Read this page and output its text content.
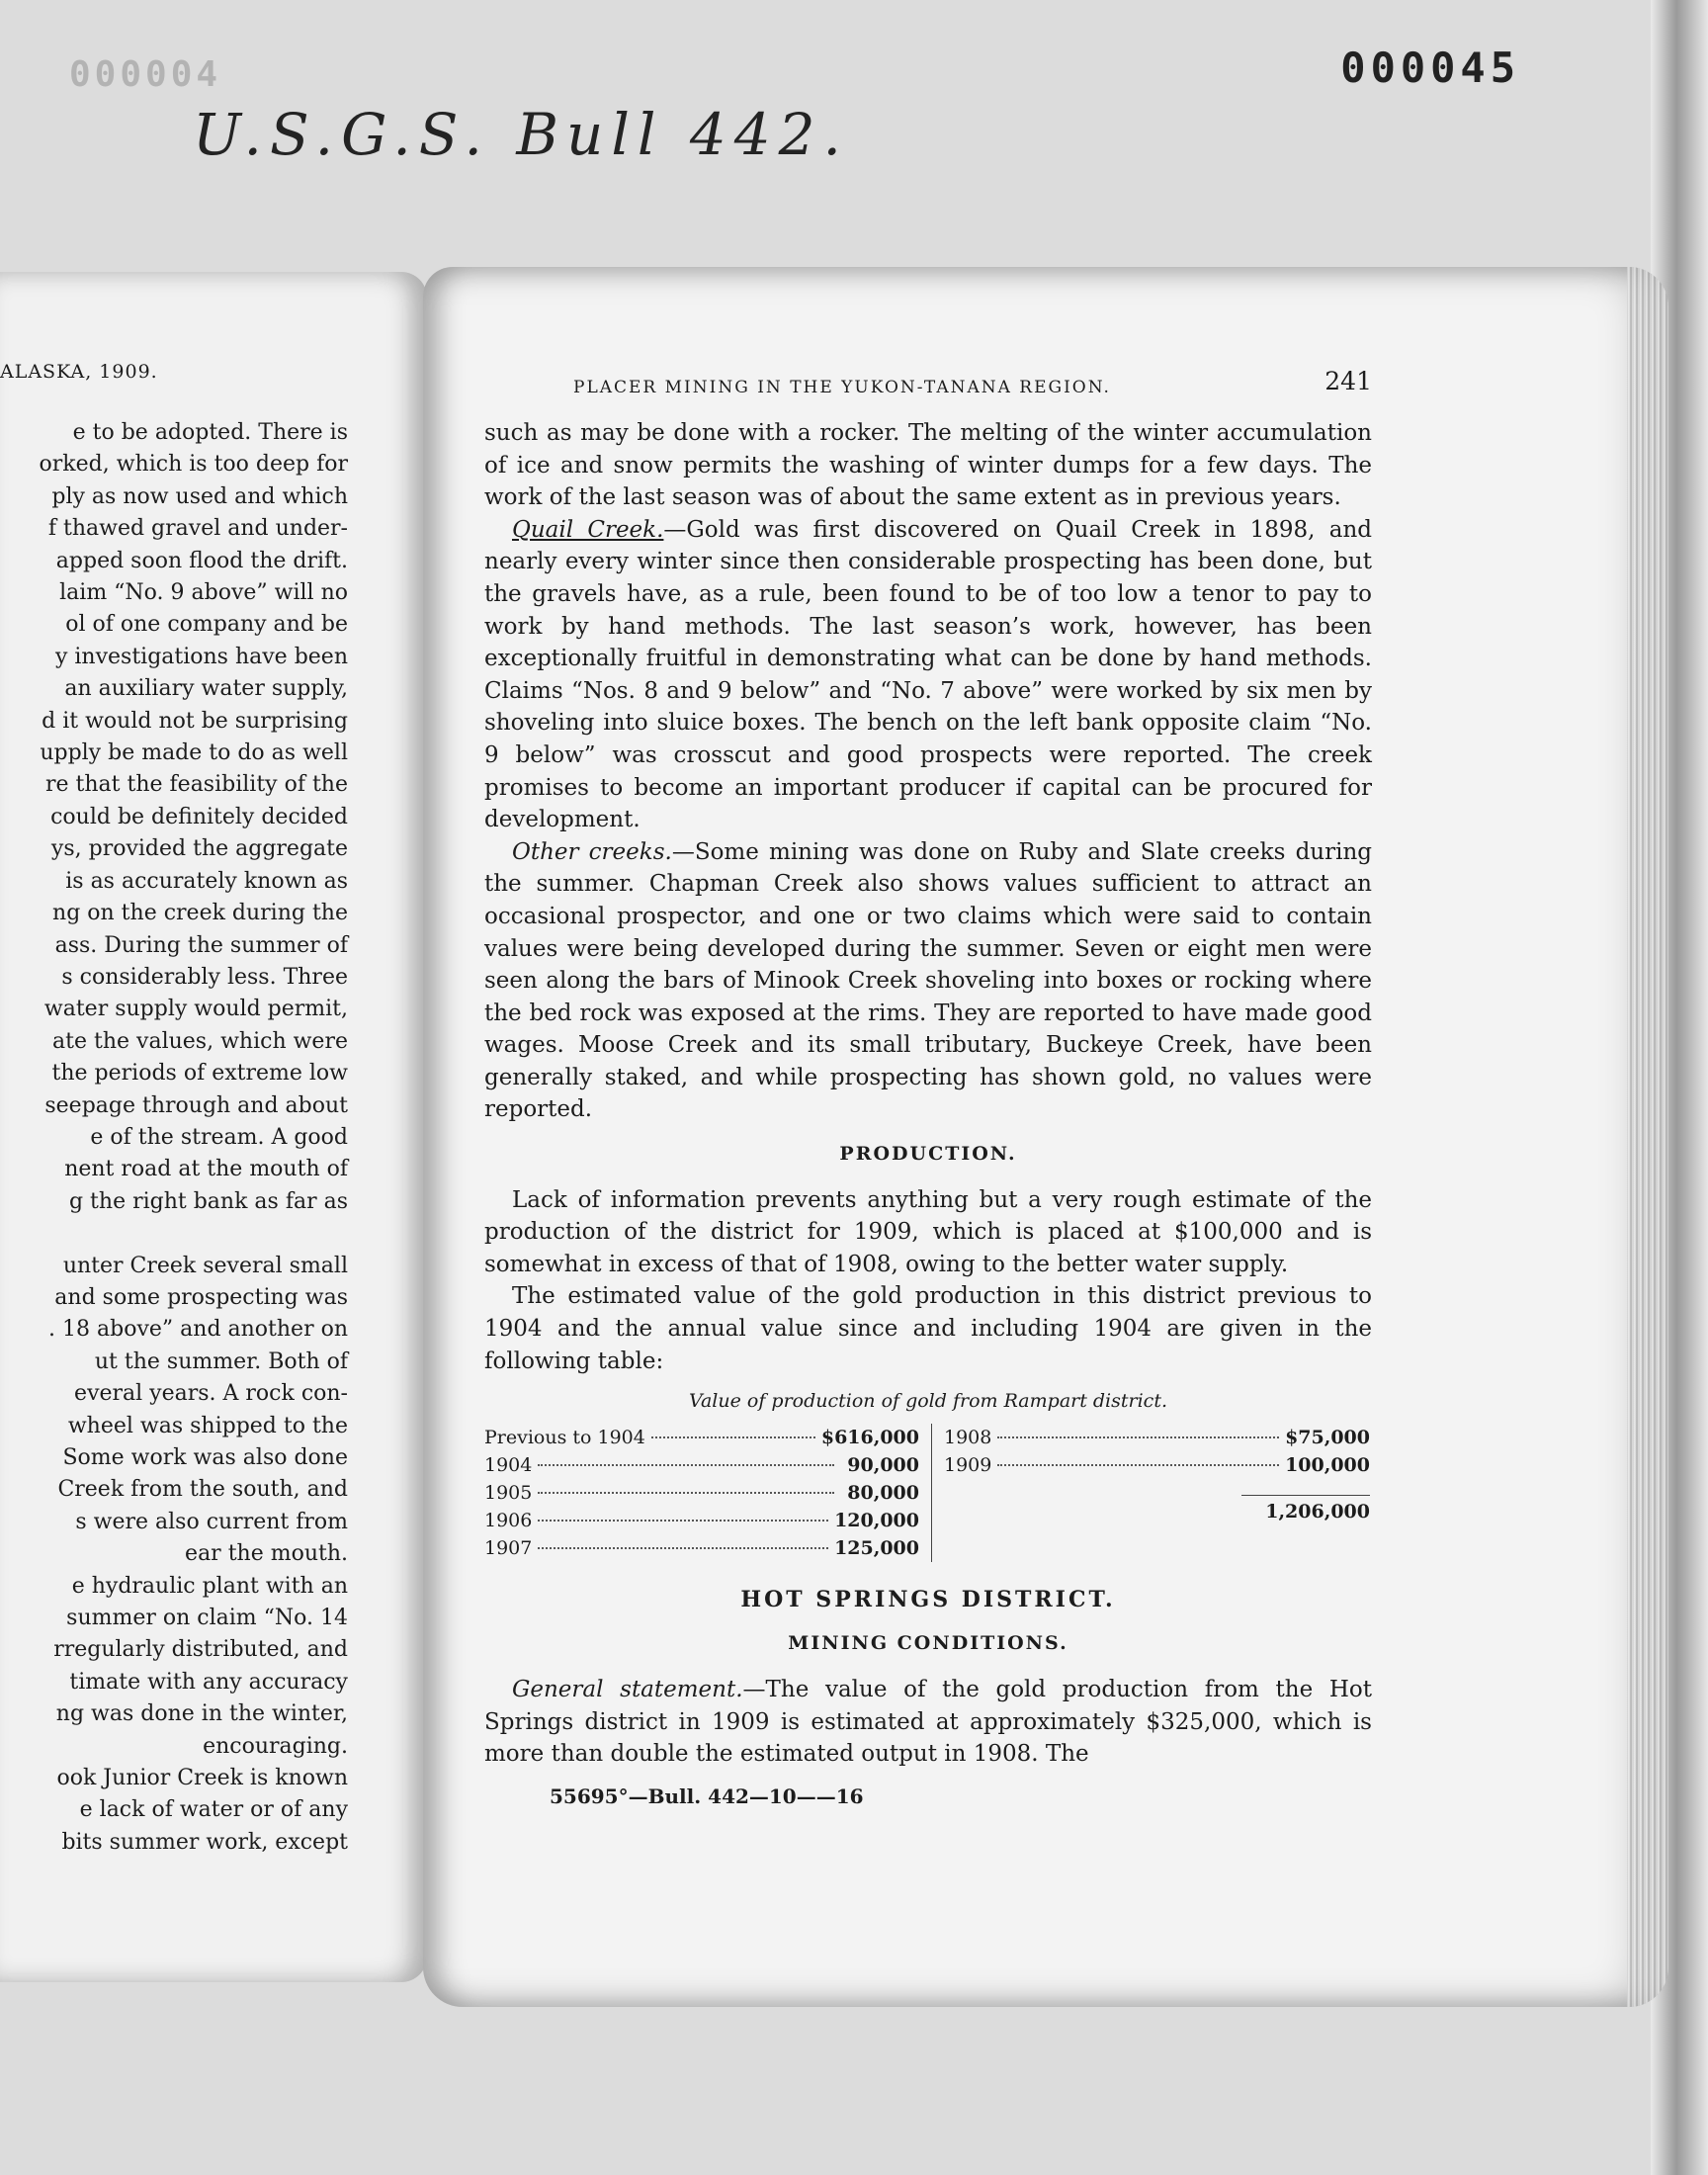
000004	000045
U.S.G.S. Bull 442.
ALASKA, 1909.
e to be adopted. There is
orked, which is too deep for
ply as now used and which
f thawed gravel and under-
apped soon flood the drift.
laim “No. 9 above” will no
ol of one company and be
y investigations have been
an auxiliary water supply,
d it would not be surprising
upply be made to do as well
re that the feasibility of the
could be definitely decided
ys, provided the aggregate
is as accurately known as
ng on the creek during the
ass. During the summer of
s considerably less. Three
water supply would permit,
ate the values, which were
the periods of extreme low
seepage through and about
e of the stream. A good
nent road at the mouth of
g the right bank as far as

unter Creek several small
and some prospecting was
. 18 above” and another on
ut the summer. Both of
everal years. A rock con-
wheel was shipped to the
Some work was also done
Creek from the south, and
s were also current from
ear the mouth.
e hydraulic plant with an
summer on claim “No. 14
rregularly distributed, and
timate with any accuracy
ng was done in the winter,
encouraging.
ook Junior Creek is known
e lack of water or of any
bits summer work, except
PLACER MINING IN THE YUKON-TANANA REGION.	241

such as may be done with a rocker. The melting of the winter accumulation of ice and snow permits the washing of winter dumps for a few days. The work of the last season was of about the same extent as in previous years.

Quail Creek.—Gold was first discovered on Quail Creek in 1898, and nearly every winter since then considerable prospecting has been done, but the gravels have, as a rule, been found to be of too low a tenor to pay to work by hand methods. The last season’s work, however, has been exceptionally fruitful in demonstrating what can be done by hand methods. Claims “Nos. 8 and 9 below” and “No. 7 above” were worked by six men by shoveling into sluice boxes. The bench on the left bank opposite claim “No. 9 below” was crosscut and good prospects were reported. The creek promises to become an important producer if capital can be procured for development.

Other creeks.—Some mining was done on Ruby and Slate creeks during the summer. Chapman Creek also shows values sufficient to attract an occasional prospector, and one or two claims which were said to contain values were being developed during the summer. Seven or eight men were seen along the bars of Minook Creek shoveling into boxes or rocking where the bed rock was exposed at the rims. They are reported to have made good wages. Moose Creek and its small tributary, Buckeye Creek, have been generally staked, and while prospecting has shown gold, no values were reported.

PRODUCTION.

Lack of information prevents anything but a very rough estimate of the production of the district for 1909, which is placed at $100,000 and is somewhat in excess of that of 1908, owing to the better water supply.

The estimated value of the gold production in this district previous to 1904 and the annual value since and including 1904 are given in the following table:

Value of production of gold from Rampart district.
Previous to 1904	$616,000
1904	90,000
1905	80,000
1906	120,000
1907	125,000
1908	$75,000
1909	100,000
1,206,000
HOT SPRINGS DISTRICT.
MINING CONDITIONS.

General statement.—The value of the gold production from the Hot Springs district in 1909 is estimated at approximately $325,000, which is more than double the estimated output in 1908. The

55695°—Bull. 442—10——16
